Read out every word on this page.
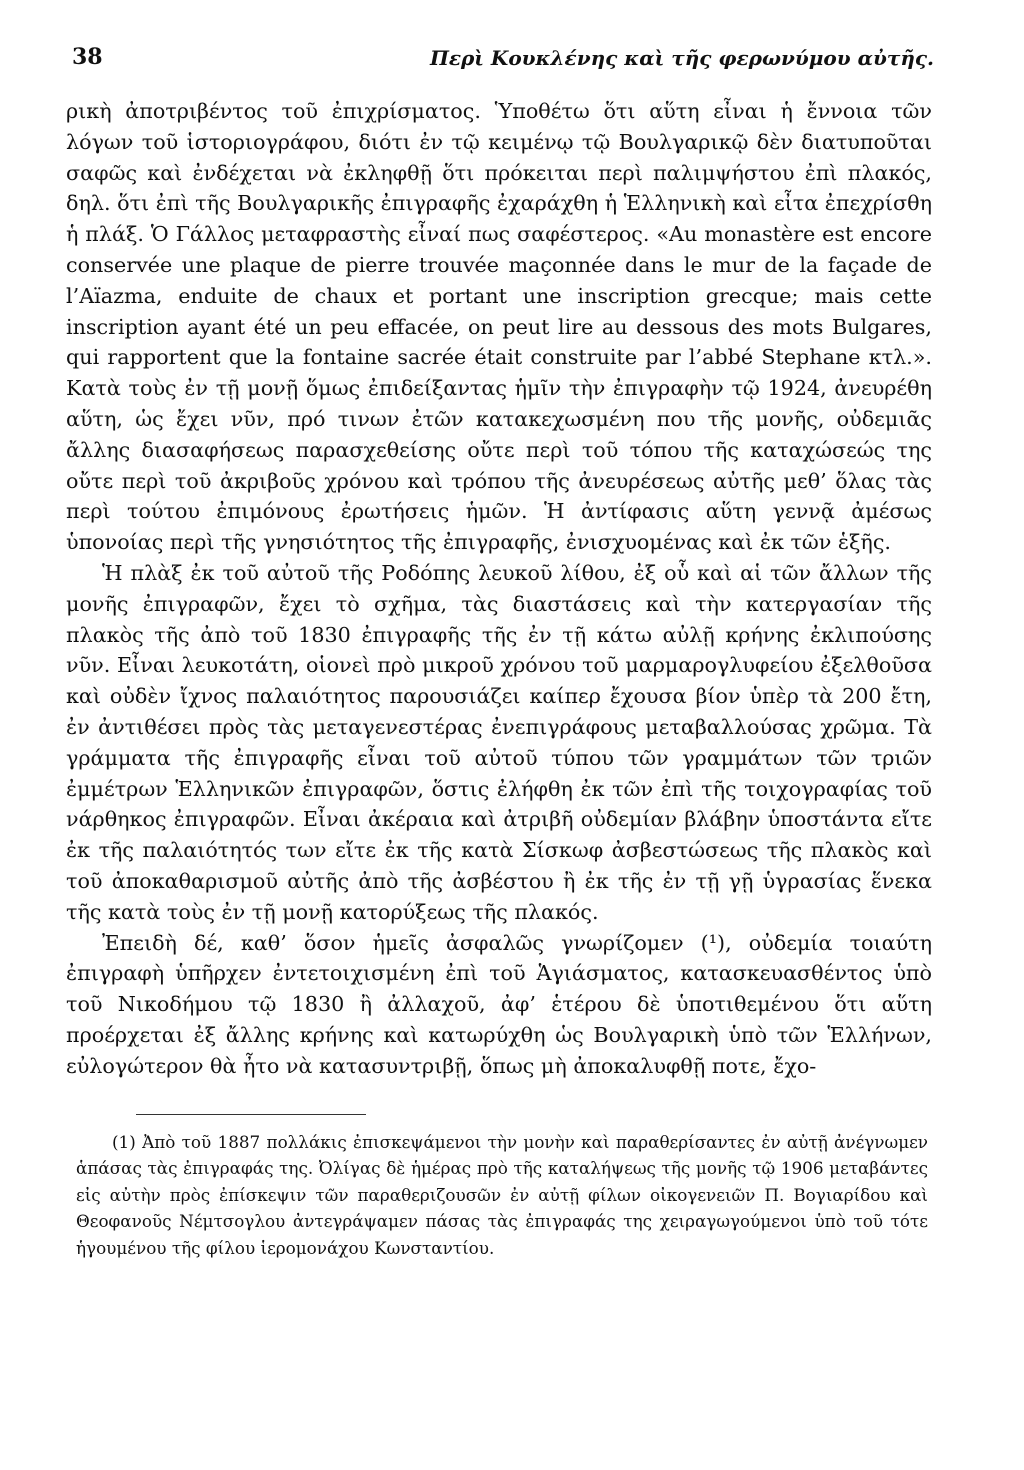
38	Περὶ Κουκλένης καὶ τῆς φερωνύμου αὐτῆς.

ρικὴ ἀποτριβέντος τοῦ ἐπιχρίσματος. Ὑποθέτω ὅτι αὕτη εἶναι ἡ ἔννοια τῶν λόγων τοῦ ἱστοριογράφου, διότι ἐν τῷ κειμένῳ τῷ Βουλγαρικῷ δὲν διατυποῦται σαφῶς καὶ ἐνδέχεται νὰ ἐκληφθῇ ὅτι πρόκειται περὶ παλιμψήστου ἐπὶ πλακός, δηλ. ὅτι ἐπὶ τῆς Βουλγαρικῆς ἐπιγραφῆς ἐχαράχθη ἡ Ἑλληνικὴ καὶ εἶτα ἐπεχρίσθη ἡ πλάξ. Ὁ Γάλλος μεταφραστὴς εἶναί πως σαφέστερος. «Au monastère est encore conservée une plaque de pierre trouvée maçonnée dans le mur de la façade de l’Aïazma, enduite de chaux et portant une inscription grecque; mais cette inscription ayant été un peu effacée, on peut lire au dessous des mots Bulgares, qui rapportent que la fontaine sacrée était construite par l’abbé Stephane κτλ.». Κατὰ τοὺς ἐν τῇ μονῇ ὅμως ἐπιδείξαντας ἡμῖν τὴν ἐπιγραφὴν τῷ 1924, ἀνευρέθη αὕτη, ὡς ἔχει νῦν, πρό τινων ἐτῶν κατακεχωσμένη που τῆς μονῆς, οὐδεμιᾶς ἄλλης διασαφήσεως παρασχεθείσης οὔτε περὶ τοῦ τόπου τῆς καταχώσεώς της οὔτε περὶ τοῦ ἀκριβοῦς χρόνου καὶ τρόπου τῆς ἀνευρέσεως αὐτῆς μεθ’ ὅλας τὰς περὶ τούτου ἐπιμόνους ἐρωτήσεις ἡμῶν. Ἡ ἀντίφασις αὕτη γεννᾷ ἀμέσως ὑπονοίας περὶ τῆς γνησιότητος τῆς ἐπιγραφῆς, ἐνισχυομένας καὶ ἐκ τῶν ἑξῆς.

Ἡ πλὰξ ἐκ τοῦ αὐτοῦ τῆς Ροδόπης λευκοῦ λίθου, ἐξ οὗ καὶ αἱ τῶν ἄλλων τῆς μονῆς ἐπιγραφῶν, ἔχει τὸ σχῆμα, τὰς διαστάσεις καὶ τὴν κατεργασίαν τῆς πλακὸς τῆς ἀπὸ τοῦ 1830 ἐπιγραφῆς τῆς ἐν τῇ κάτω αὐλῇ κρήνης ἐκλιπούσης νῦν. Εἶναι λευκοτάτη, οἱονεὶ πρὸ μικροῦ χρόνου τοῦ μαρμαρογλυφείου ἐξελθοῦσα καὶ οὐδὲν ἴχνος παλαιότητος παρουσιάζει καίπερ ἔχουσα βίον ὑπὲρ τὰ 200 ἔτη, ἐν ἀντιθέσει πρὸς τὰς μεταγενεστέρας ἐνεπιγράφους μεταβαλλούσας χρῶμα. Τὰ γράμματα τῆς ἐπιγραφῆς εἶναι τοῦ αὐτοῦ τύπου τῶν γραμμάτων τῶν τριῶν ἐμμέτρων Ἑλληνικῶν ἐπιγραφῶν, ὅστις ἐλήφθη ἐκ τῶν ἐπὶ τῆς τοιχογραφίας τοῦ νάρθηκος ἐπιγραφῶν. Εἶναι ἀκέραια καὶ ἀτριβῆ οὐδεμίαν βλάβην ὑποστάντα εἴτε ἐκ τῆς παλαιότητός των εἴτε ἐκ τῆς κατὰ Σίσκωφ ἀσβεστώσεως τῆς πλακὸς καὶ τοῦ ἀποκαθαρισμοῦ αὐτῆς ἀπὸ τῆς ἀσβέστου ἢ ἐκ τῆς ἐν τῇ γῇ ὑγρασίας ἕνεκα τῆς κατὰ τοὺς ἐν τῇ μονῇ κατορύξεως τῆς πλακός.

Ἐπειδὴ δέ, καθ’ ὅσον ἡμεῖς ἀσφαλῶς γνωρίζομεν (¹), οὐδεμία τοιαύτη ἐπιγραφὴ ὑπῆρχεν ἐντετοιχισμένη ἐπὶ τοῦ Ἁγιάσματος, κατασκευασθέντος ὑπὸ τοῦ Νικοδήμου τῷ 1830 ἢ ἀλλαχοῦ, ἀφ’ ἑτέρου δὲ ὑποτιθεμένου ὅτι αὕτη προέρχεται ἐξ ἄλλης κρήνης καὶ κατωρύχθη ὡς Βουλγαρικὴ ὑπὸ τῶν Ἑλλήνων, εὐλογώτερον θὰ ἦτο νὰ κατασυντριβῇ, ὅπως μὴ ἀποκαλυφθῇ ποτε, ἔχο-

(1) Ἀπὸ τοῦ 1887 πολλάκις ἐπισκεψάμενοι τὴν μονὴν καὶ παραθερίσαντες ἐν αὐτῇ ἀνέγνωμεν ἁπάσας τὰς ἐπιγραφάς της. Ὀλίγας δὲ ἡμέρας πρὸ τῆς καταλήψεως τῆς μονῆς τῷ 1906 μεταβάντες εἰς αὐτὴν πρὸς ἐπίσκεψιν τῶν παραθεριζουσῶν ἐν αὐτῇ φίλων οἰκογενειῶν Π. Βογιαρίδου καὶ Θεοφανοῦς Νέμτσογλου ἀντεγράψαμεν πάσας τὰς ἐπιγραφάς της χειραγωγούμενοι ὑπὸ τοῦ τότε ἡγουμένου τῆς φίλου ἱερομονάχου Κωνσταντίου.
